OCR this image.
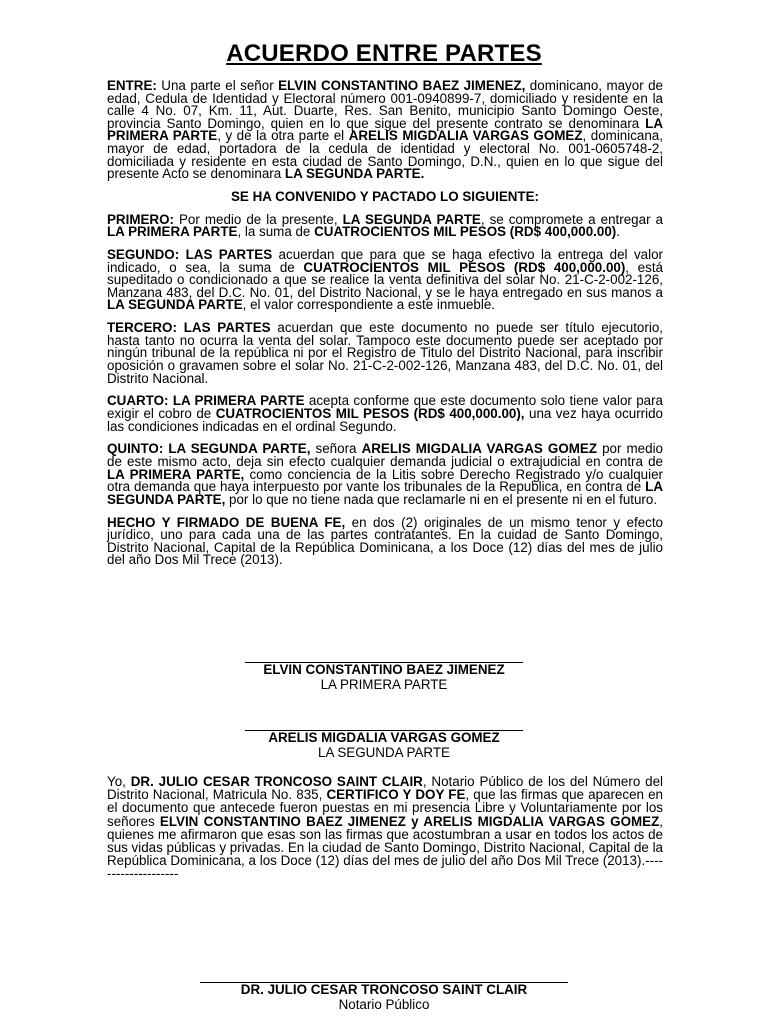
ACUERDO ENTRE PARTES

ENTRE: Una parte el señor ELVIN CONSTANTINO BAEZ JIMENEZ, dominicano, mayor de edad, Cedula de Identidad y Electoral número 001-0940899-7, domiciliado y residente en la calle 4 No. 07, Km. 11, Aut. Duarte, Res. San Benito, municipio Santo Domingo Oeste, provincia Santo Domingo, quien en lo que sigue del presente contrato se denominara LA PRIMERA PARTE, y de la otra parte el ARELIS MIGDALIA VARGAS GOMEZ, dominicana, mayor de edad, portadora de la cedula de identidad y electoral No. 001-0605748-2, domiciliada y residente en esta ciudad de Santo Domingo, D.N., quien en lo que sigue del presente Acto se denominara LA SEGUNDA PARTE.

SE HA CONVENIDO Y PACTADO LO SIGUIENTE:

PRIMERO: Por medio de la presente, LA SEGUNDA PARTE, se compromete a entregar a LA PRIMERA PARTE, la suma de CUATROCIENTOS MIL PESOS (RD$ 400,000.00).

SEGUNDO: LAS PARTES acuerdan que para que se haga efectivo la entrega del valor indicado, o sea, la suma de CUATROCIENTOS MIL PESOS (RD$ 400,000.00), está supeditado o condicionado a que se realice la venta definitiva del solar No. 21-C-2-002-126, Manzana 483, del D.C. No. 01, del Distrito Nacional, y se le haya entregado en sus manos a LA SEGUNDA PARTE, el valor correspondiente a este inmueble.

TERCERO: LAS PARTES acuerdan que este documento no puede ser título ejecutorio, hasta tanto no ocurra la venta del solar. Tampoco este documento puede ser aceptado por ningún tribunal de la república ni por el Registro de Titulo del Distrito Nacional, para inscribir oposición o gravamen sobre el solar No. 21-C-2-002-126, Manzana 483, del D.C. No. 01, del Distrito Nacional.

CUARTO: LA PRIMERA PARTE acepta conforme que este documento solo tiene valor para exigir el cobro de CUATROCIENTOS MIL PESOS (RD$ 400,000.00), una vez haya ocurrido las condiciones indicadas en el ordinal Segundo.

QUINTO: LA SEGUNDA PARTE, señora ARELIS MIGDALIA VARGAS GOMEZ por medio de este mismo acto, deja sin efecto cualquier demanda judicial o extrajudicial en contra de LA PRIMERA PARTE, como conciencia de la Litis sobre Derecho Registrado y/o cualquier otra demanda que haya interpuesto por vante los tribunales de la Republica, en contra de LA SEGUNDA PARTE, por lo que no tiene nada que reclamarle ni en el presente ni en el futuro.

HECHO Y FIRMADO DE BUENA FE, en dos (2) originales de un mismo tenor y efecto jurídico, uno para cada una de las partes contratantes. En la cuidad de Santo Domingo, Distrito Nacional, Capital de la República Dominicana, a los Doce (12) días del mes de julio del año Dos Mil Trece (2013).

ELVIN CONSTANTINO BAEZ JIMENEZ
LA PRIMERA PARTE
ARELIS MIGDALIA VARGAS GOMEZ
LA SEGUNDA PARTE
Yo, DR. JULIO CESAR TRONCOSO SAINT CLAIR, Notario Público de los del Número del Distrito Nacional, Matricula No. 835, CERTIFICO Y DOY FE, que las firmas que aparecen en el documento que antecede fueron puestas en mi presencia Libre y Voluntariamente por los señores ELVIN CONSTANTINO BAEZ JIMENEZ y ARELIS MIGDALIA VARGAS GOMEZ, quienes me afirmaron que esas son las firmas que acostumbran a usar en todos los actos de sus vidas públicas y privadas. En la ciudad de Santo Domingo, Distrito Nacional, Capital de la República Dominicana, a los Doce (12) días del mes de julio del año Dos Mil Trece (2013).--------------------
DR. JULIO CESAR TRONCOSO SAINT CLAIR
Notario Público
